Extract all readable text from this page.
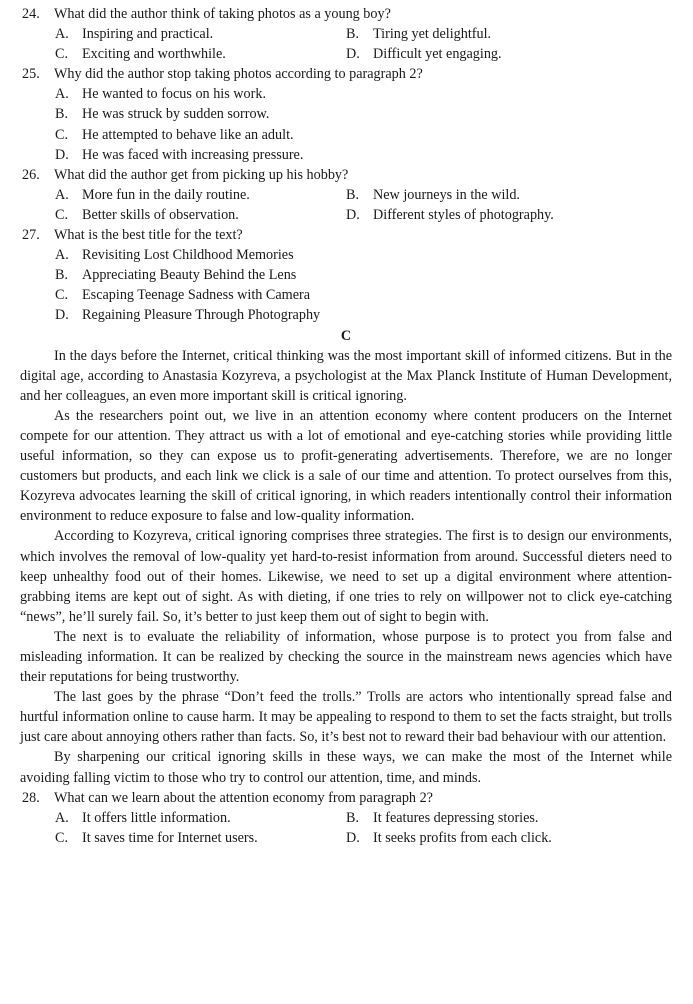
24. What did the author think of taking photos as a young boy?
A. Inspiring and practical.	B. Tiring yet delightful.
C. Exciting and worthwhile.	D. Difficult yet engaging.
25. Why did the author stop taking photos according to paragraph 2?
A. He wanted to focus on his work.
B. He was struck by sudden sorrow.
C. He attempted to behave like an adult.
D. He was faced with increasing pressure.
26. What did the author get from picking up his hobby?
A. More fun in the daily routine.	B. New journeys in the wild.
C. Better skills of observation.	D. Different styles of photography.
27. What is the best title for the text?
A. Revisiting Lost Childhood Memories
B. Appreciating Beauty Behind the Lens
C. Escaping Teenage Sadness with Camera
D. Regaining Pleasure Through Photography
C

In the days before the Internet, critical thinking was the most important skill of informed citizens. But in the digital age, according to Anastasia Kozyreva, a psychologist at the Max Planck Institute of Human Development, and her colleagues, an even more important skill is critical ignoring.

As the researchers point out, we live in an attention economy where content producers on the Internet compete for our attention. They attract us with a lot of emotional and eye-catching stories while providing little useful information, so they can expose us to profit-generating advertisements. Therefore, we are no longer customers but products, and each link we click is a sale of our time and attention. To protect ourselves from this, Kozyreva advocates learning the skill of critical ignoring, in which readers intentionally control their information environment to reduce exposure to false and low-quality information.

According to Kozyreva, critical ignoring comprises three strategies. The first is to design our environments, which involves the removal of low-quality yet hard-to-resist information from around. Successful dieters need to keep unhealthy food out of their homes. Likewise, we need to set up a digital environment where attention-grabbing items are kept out of sight. As with dieting, if one tries to rely on willpower not to click eye-catching “news”, he’ll surely fail. So, it’s better to just keep them out of sight to begin with.

The next is to evaluate the reliability of information, whose purpose is to protect you from false and misleading information. It can be realized by checking the source in the mainstream news agencies which have their reputations for being trustworthy.

The last goes by the phrase “Don’t feed the trolls.” Trolls are actors who intentionally spread false and hurtful information online to cause harm. It may be appealing to respond to them to set the facts straight, but trolls just care about annoying others rather than facts. So, it’s best not to reward their bad behaviour with our attention.

By sharpening our critical ignoring skills in these ways, we can make the most of the Internet while avoiding falling victim to those who try to control our attention, time, and minds.

28. What can we learn about the attention economy from paragraph 2?
A. It offers little information.	B. It features depressing stories.
C. It saves time for Internet users.	D. It seeks profits from each click.
